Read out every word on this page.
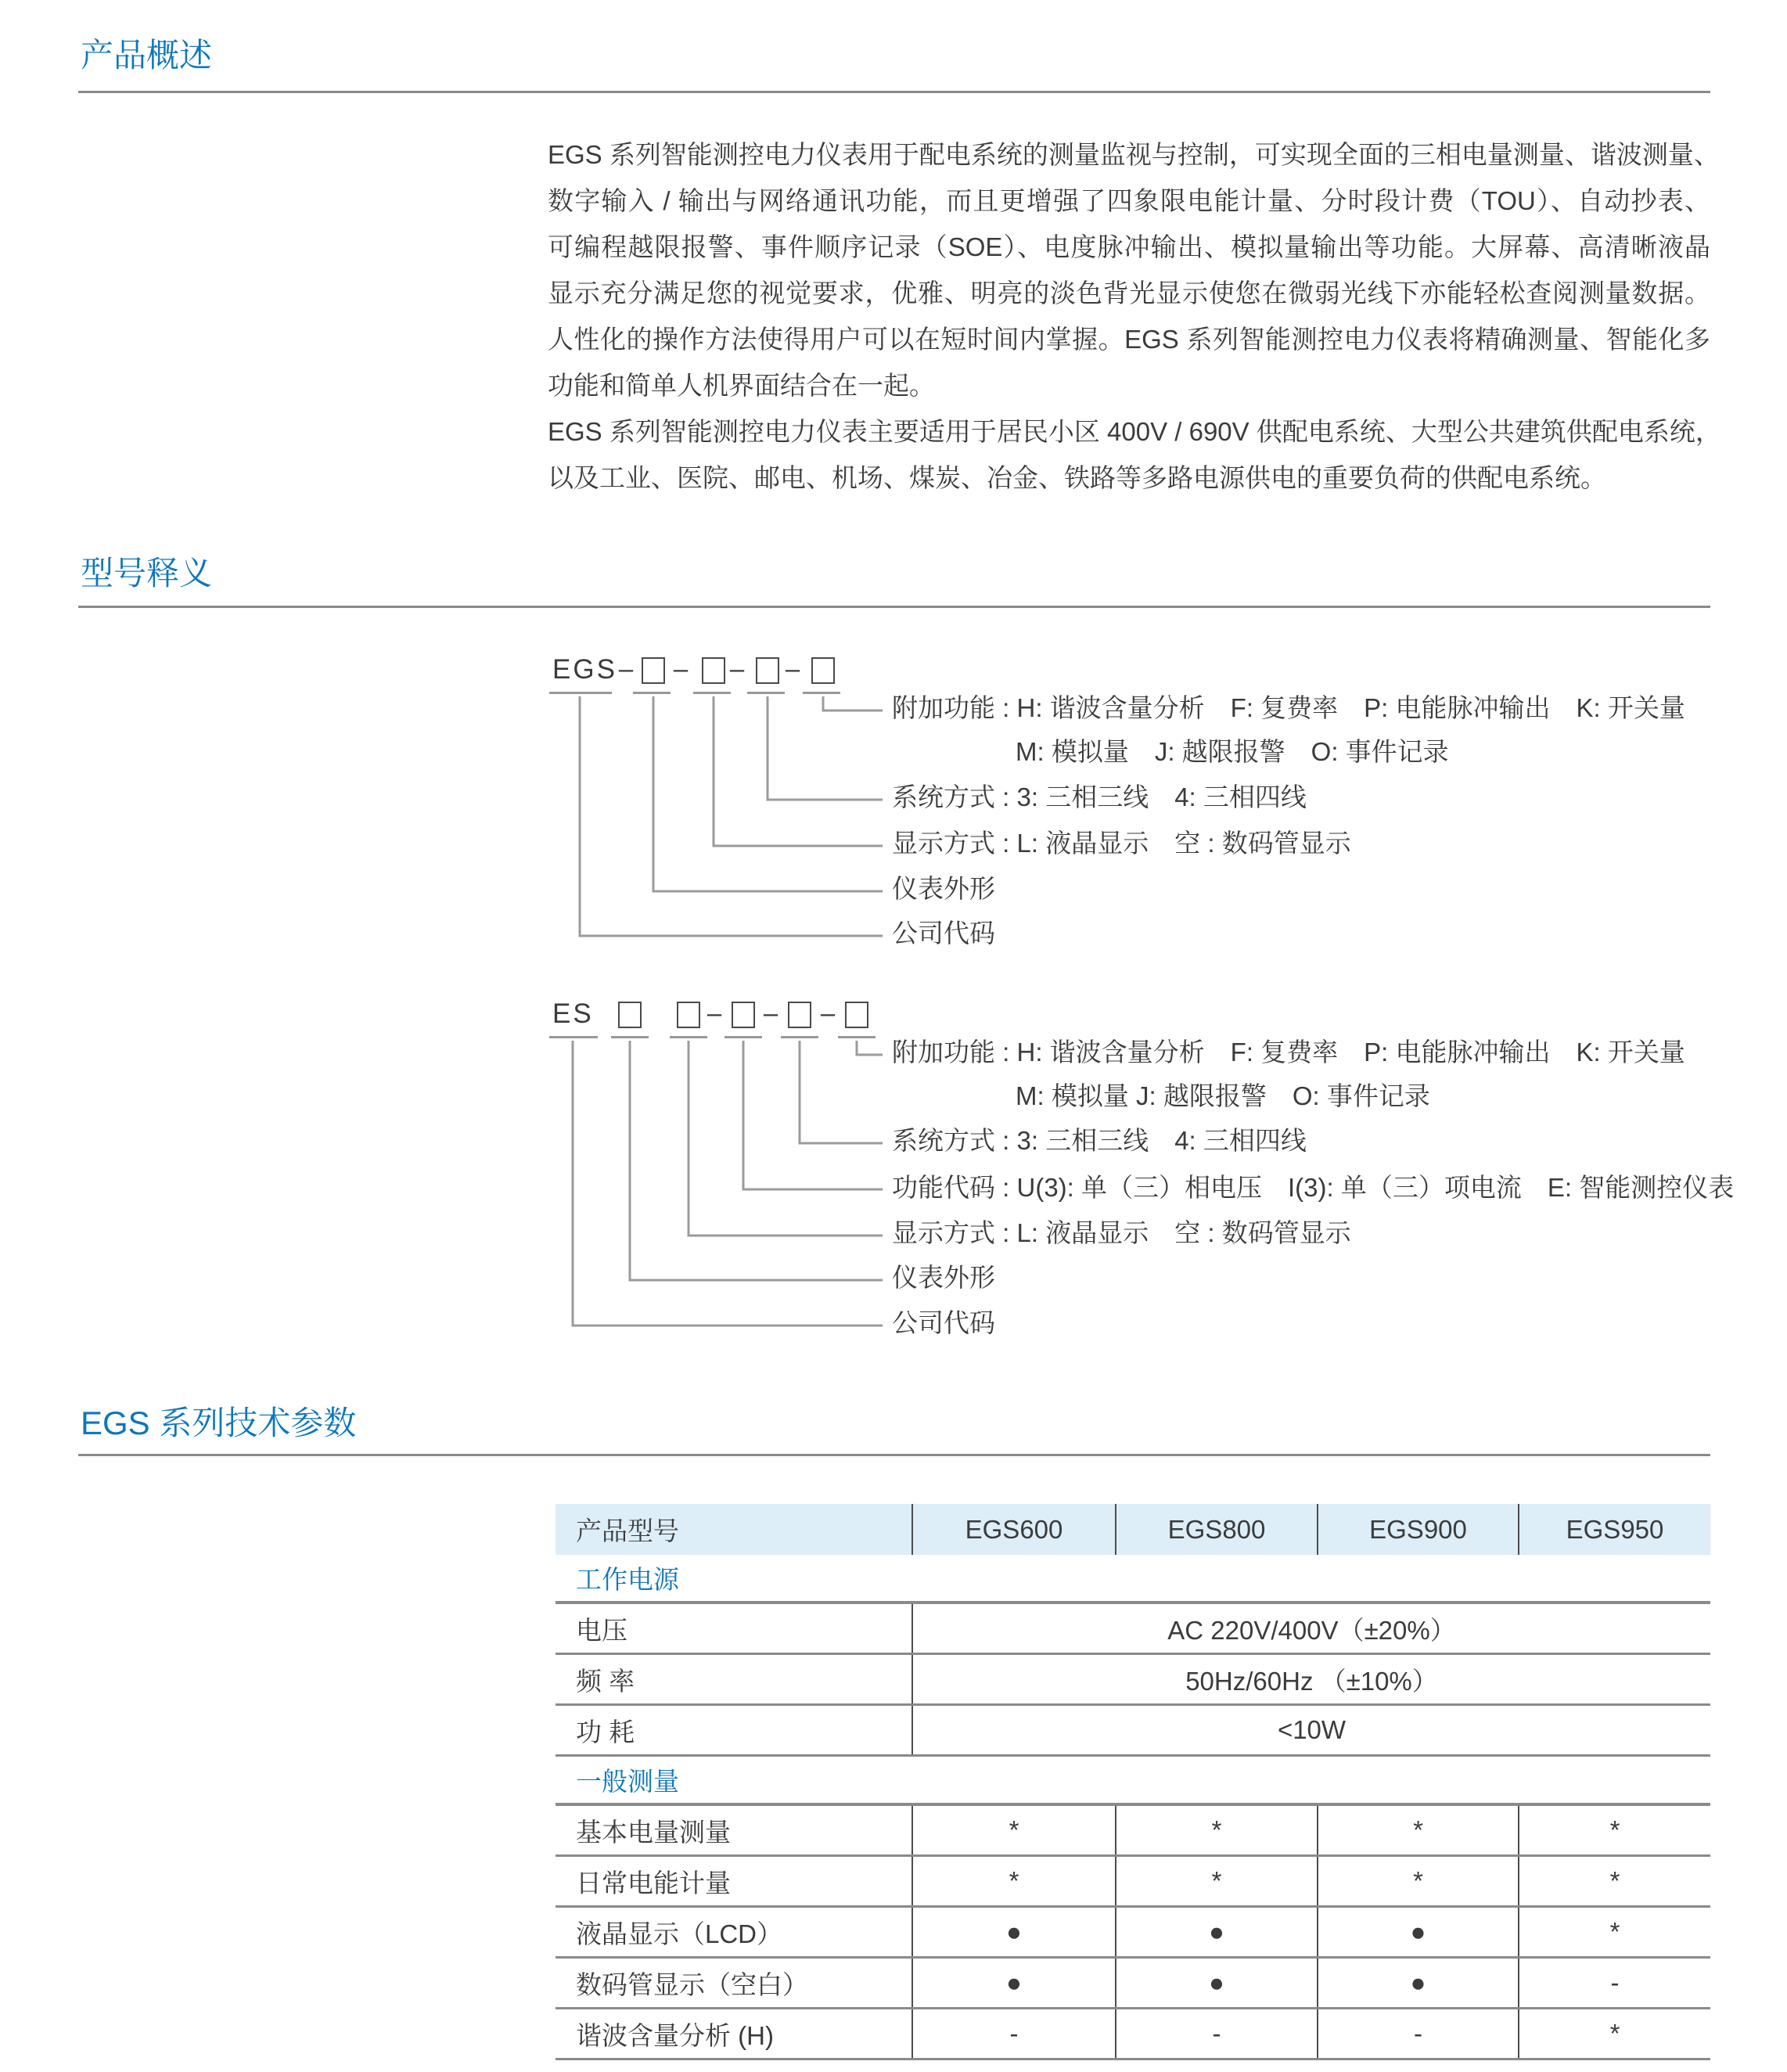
产品概述
EGS 系列智能测控电力仪表用于配电系统的测量监视与控制，可实现全面的三相电量测量、谐波测量、
数字输入 / 输出与网络通讯功能，而且更增强了四象限电能计量、分时段计费（TOU）、自动抄表、
可编程越限报警、事件顺序记录（SOE）、电度脉冲输出、模拟量输出等功能。大屏幕、高清晰液晶
显示充分满足您的视觉要求，优雅、明亮的淡色背光显示使您在微弱光线下亦能轻松查阅测量数据。
人性化的操作方法使得用户可以在短时间内掌握。EGS 系列智能测控电力仪表将精确测量、智能化多
功能和简单人机界面结合在一起。
EGS 系列智能测控电力仪表主要适用于居民小区 400V / 690V 供配电系统、大型公共建筑供配电系统，
以及工业、医院、邮电、机场、煤炭、冶金、铁路等多路电源供电的重要负荷的供配电系统。
型号释义
EGS – – – –
附加功能 : H: 谐波含量分析　F: 复费率　P: 电能脉冲输出　K: 开关量
M: 模拟量　J: 越限报警　O: 事件记录
系统方式 : 3: 三相三线　4: 三相四线
显示方式 : L: 液晶显示　空 : 数码管显示
仪表外形
公司代码
ES	– – –
附加功能 : H: 谐波含量分析　F: 复费率　P: 电能脉冲输出　K: 开关量
M: 模拟量 J: 越限报警　O: 事件记录
系统方式 : 3: 三相三线　4: 三相四线
功能代码 : U(3): 单（三）相电压　I(3): 单（三）项电流　E: 智能测控仪表
显示方式 : L: 液晶显示　空 : 数码管显示
仪表外形
公司代码
EGS 系列技术参数
产品型号	EGS600	EGS800	EGS900	EGS950
工作电源
电压	AC 220V/400V（±20%）
频 率	50Hz/60Hz （±10%）
功 耗	<10W
一般测量
基本电量测量	*	*	*	*
日常电能计量	*	*	*	*
液晶显示（LCD）	●	●	●	*
数码管显示（空白）	●	●	●	-
谐波含量分析 (H)	-	-	-	*
